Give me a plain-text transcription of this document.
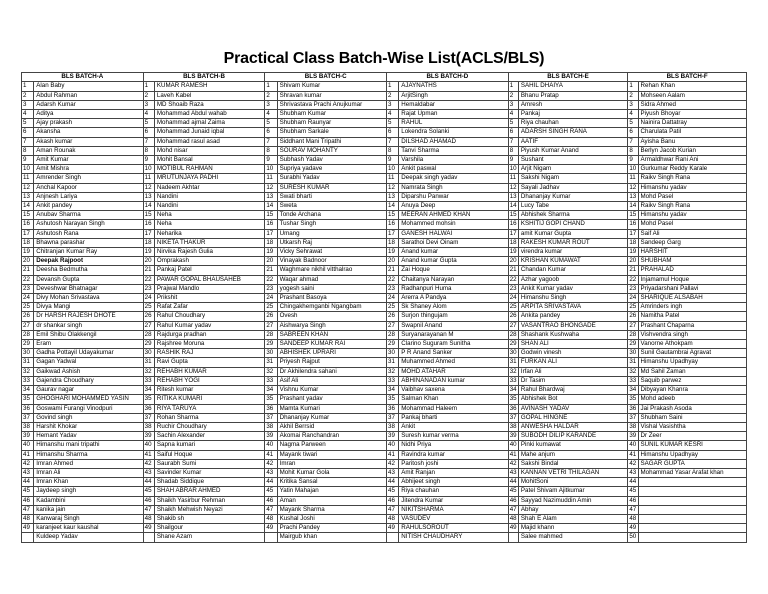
Practical Class Batch-Wise List(ACLS/BLS)
BLS BATCH-A		BLS BATCH-B		BLS BATCH-C		BLS BATCH-D		BLS BATCH-E		BLS BATCH-F	
1	Alan Baby	1	KUMAR RAMESH	1	Shivam Kumar	1	AJAYNATHS	1	SAHIL DHAIYA	1	Rehan Khan
2	Abdul Rahman	2	Laveh Kabel	2	Shravan kumar	2	ArjitSingh	2	Bhanu Pratap	2	Mohseen Aalam
3	Adarsh Kumar	3	MD Shoaib Raza	3	Shrivastava Prachi Anujkumar	3	Hemaldabar	3	Amresh	3	Sidra Ahmed
4	Aditya	4	Mohammad Abdul wahab	4	Shubham Kumar	4	Rajat Upman	4	Pankaj	4	Piyush Bhoyar
5	Ajay prakash	5	Mohammad ajmal Zaima	5	Shubham Raunyar	5	RAHUL	5	Riya chauhan	5	Nainira Dattatray
6	Akansha	6	Mohammad Junaid iqbal	6	Shubham Sarkale	6	Lokendra Solanki	6	ADARSH SINGH RANA	6	Charulata Patil
7	Akash kumar	7	Mohammad rasul asad	7	Siddhant Mani Tripathi	7	DILSHAD AHAMAD	7	AATIF	7	Ayisha Banu
8	Aman Rounak	8	Mohd nisar	8	SOURAV MOHANTY	8	Tanvi Sharma	8	Piyush Kumar Anand	8	Berlyn Jacob Kurian
9	Amit Kumar	9	Mohit Bansal	9	Subhash Yadav	9	Varshila	9	Sushant	9	Armaldhwar Rani Ani
10	Amit Mishra	10	MOTIBUL RAHMAN	10	Supriya yadave	10	Ankit paswal	10	Arjit Nigam	10	Gurkumar Reddy Karale
11	Amrender Singh	11	MRUTUNJAYA PADHI	11	Surabhi Yadav	11	Deepak singh yadav	11	Sakshi Nigam	11	Raikv Singh Rana
12	Anchal Kapoor	12	Nadeem Akhtar	12	SURESH KUMAR	12	Namrata Singh	12	Sayali Jadhav	12	Himanshu yadav
13	Anjnesh Lariya	13	Nandini	13	Swati bharti	13	Diparshu Panwar	13	Dhananjay Kumar	13	Mohd Pasel
14	Ankit pandey	14	Nandini	14	Sweta	14	Anuya Deep	14	Lucy Tabe	14	Raikv Singh Rana
15	Anubav Sharma	15	Neha	15	Tonde Archana	15	MEERAN AHMED KHAN	15	Abhishek Sharma	15	Himanshu yadav
16	Ashutosh Narayan Singh	16	Neha	16	Tushar Singh	16	Mohammed mohsin	16	KSHITIJ GOPI CHAND	16	Mohd Pasel
17	Ashutosh Rana	17	Neharika	17	Umang	17	GANESH HALWAI	17	amit Kumar Gupta	17	Saif Ali
18	Bhawna parashar	18	NIKETA THAKUR	18	Utkarsh Raj	18	Sarathoi Devi Oinam	18	RAKESH KUMAR ROUT	18	Sandeep Garg
19	Chitranjan Kumar Ray	19	Nirvika Rajesh Gulia	19	Vicky Sehrawat	19	Anand kumar	19	virendra kumar	19	HARSHIT
20	Deepak Rajpoot	20	Omprakash	20	Vinayak Badnoor	20	Anand kumar Gupta	20	KRISHAN KUMAWAT	20	SHUBHAM
21	Deesha Bedmutha	21	Pankaj Patel	21	Waghmare nikhil vitthalrao	21	Zai Hoque	21	Chandan Kumar	21	PRAHALAD
22	Devansh Gupta	22	PAWAR GOPAL BHAUSAHEB	22	Waqar ahmad	22	Chaitanya Narayan	22	Azhar yagoob	22	Injamamul Hoque
23	Deveshwar Bhatnagar	23	Prajwal Mandlo	23	yogesh saini	23	Radhanpuri Huma	23	Ankit Kumar yadav	23	Priyadarshani Pallavi
24	Divy Mohan Srivastava	24	Prikshit	24	Prashant Basoya	24	Arerra A Pandya	24	Himanshu Singh	24	SHARIQUE ALSABAH
25	Divya Mangi	25	Rafat Zafar	25	Chingakhemganbi Ngangbam	25	Sk Shaney Alom	25	ARPITA SRIVASTAVA	25	Amrinders ingh
26	Dr HARSH RAJESH DHOTE	26	Rahul Choudhary	26	Ovesh	26	Surjon thingujam	26	Ankita pandey	26	Namitha Patel
27	dr shankar singh	27	Rahul Kumar yadav	27	Aishwarya Singh	27	Swapnil Anand	27	VASANTRAO BHONGADE	27	Prashant Chaparna
28	Emil Shibu Olakkengil	28	Rajdurga pradhan	28	SABREEN KHAN	28	Suryanarayanan M	28	Shashank Kushwaha	28	Vishvendra singh
29	Eram	29	Rajshree Moruna	29	SANDEEP KUMAR RAI	29	Clarino Suguram Sunitha	29	SHAN ALI	29	Vanorne Athokpam
30	Gadha Pottayil Udayakumar	30	RASHIK RAJ	30	ABHISHEK UPRARI	30	P R Anand Sanker	30	Godwin vinesh	30	Sunil Gautambrai Agravat
31	Gagan Yadwal	31	Ravi Gupta	31	Priyesh Rajput	31	Muhammed Ahmed	31	FURKAN ALI	31	Himanshu Upadhyay
32	Gaikwad Ashish	32	REHABH KUMAR	32	Dr Akhilendra sahani	32	MOHD ATAHAR	32	Irfan Ali	32	Md Sahil Zaman
33	Gajendra Choudhary	33	REHABH YOGI	33	Asif Ali	33	ABHINANADAN kumar	33	Dr Tasim	33	Saquib parwez
34	Gaurav nagar	34	Ritesh kumar	34	Vishnu Kumar	34	Vaibhav saxena	34	Rahul Bhardwaj	34	Dibyayan Khanra
35	GHOGHARI MOHAMMED YASIN	35	RITIKA KUMARI	35	Prashant yadav	35	Salman Khan	35	Abhishek Bot	35	Mohd adeeb
36	Goswami Furangi Vinodpuri	36	RIYA TARUYA	36	Mamta Kumari	36	Mohammad Haleem	36	AVINASH YADAV	36	Jai Prakash Asoda
37	Govind singh	37	Rohan Sharma	37	Dhananjay Kumar	37	Pankaj bharti	37	GOPAL HINGNE	37	Shubham Saini
38	Harshit Khokar	38	Ruchir Choudhary	38	Akhil Berrsid	38	Ankit	38	ANWESHA HALDAR	38	Vishal Vasishtha
39	Hemant Yadav	39	Sachin Alexander	39	Akomai Ranchandran	39	Suresh kumar verma	39	SUBODH DILIP KARANDE	39	Dr Zeer
40	Himanshu mani tripathi	40	Sapna kumari	40	Nagma Parween	40	Nidhi Priya	40	Pinki kumawat	40	SUNIL KUMAR KESRI
41	Himanshu Sharma	41	Saiful Hoque	41	Mayank tiwari	41	Ravindra kumar	41	Mahe anjum	41	Himanshu Upadhyay
42	Imran Ahmed	42	Saurabh Sumi	42	Imran	42	Paritosh joshi	42	Sakshi Bindal	42	SAGAR GUPTA
43	Imran Ali	43	Savinder Kumar	43	Mohit Kumar Gola	43	Amit Ranjan	43	KANNAN VETRI THILAGAN	43	Mohammad Yasar Arafat khan
44	Imran Khan	44	Shadab Siddique	44	Kritika Sansal	44	Abhijeet singh	44	MohitSoni	44	
45	Jaydeep singh	45	SHAH ABRAR AHMED	45	Yatin Mahajan	45	Riya chauhan	45	Patel Shivam Ajitkumar	45	
46	Kadambini	46	Shaikh Yasirbur Rehman	46	Aman	46	Jitendra Kumar	46	Sayyad Nazimuddin Amin	46	
47	kanika jain	47	Shaikh Mehwish Neyazi	47	Mayank Sharma	47	NIKITSHARMA	47	Abhay	47	
48	Kanwaraj Singh	48	Shakib sh	48	Kushal Joshi	48	VASUDEV	48	Shah E Alam	48	
49	karanjeet kaur kaushal	49	Shailgour	49	Prachi Pandey	49	RAHULSOROUT	49	Majid khann	49	
	Kuldeep Yadav		Shane Azam		Mairgub khan		NITISH CHAUDHARY		Salee mahmed	50	
